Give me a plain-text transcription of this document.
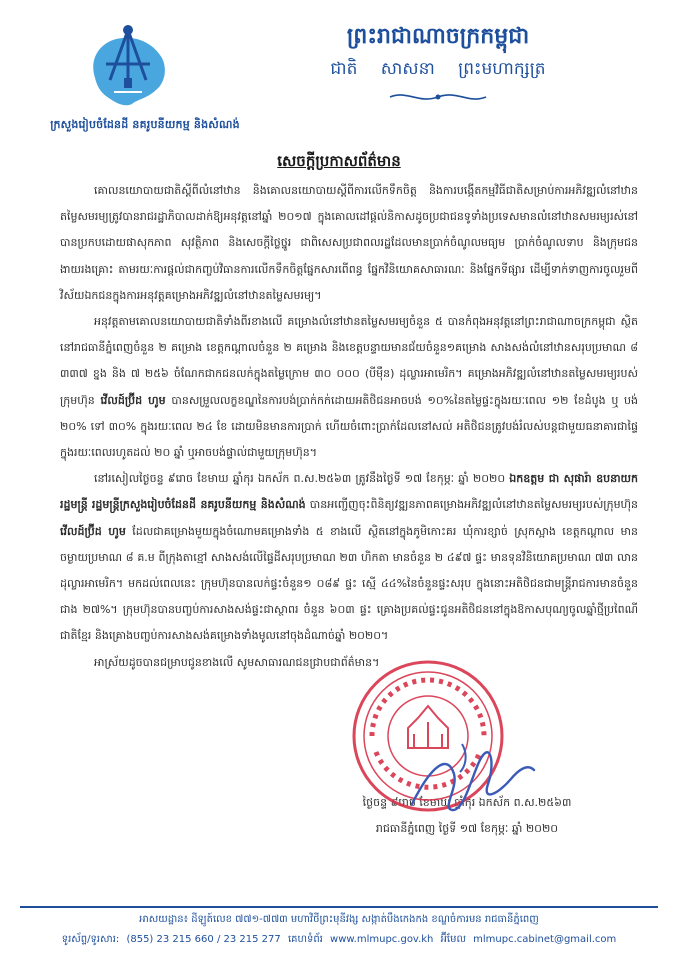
ក្រសួងរៀបចំដែនដី នគរូបនីយកម្ម និងសំណង់
ព្រះរាជាណាចក្រកម្ពុជា
ជាតិ សាសនា ព្រះមហាក្សត្រ
សេចក្តីប្រកាសព័ត៌មាន

គោលនយោបាយជាតិស្តីពីលំនៅឋាន និងគោលនយោបាយស្តីពីការលើកទឹកចិត្ត និងការបង្កើតកម្មវិធីជាតិសម្រាប់ការអភិវឌ្ឍលំនៅឋានតម្លៃសមរម្យត្រូវបានរាជរដ្ឋាភិបាលដាក់ឱ្យអនុវត្តនៅឆ្នាំ ២០១៧ ក្នុងគោលដៅផ្តល់និកាសដូចប្រជាជនទូទាំងប្រទេសមានលំនៅឋានសមរម្យរស់នៅបានប្រកបដោយផាសុកភាព សុវត្ថិភាព និងសេចក្តីថ្លៃថ្នូរ ជាពិសេសប្រជាពលរដ្ឋដែលមានប្រាក់ចំណូលមធ្យម ប្រាក់ចំណូលទាប និងក្រុមជនងាយរងគ្រោះ តាមរយៈការផ្តល់ជាកញ្ចប់វិធានការលើកទឹកចិត្តផ្នែកសារពើពន្ធ ផ្នែកវិនិយោគសាធារណៈ និងផ្នែកទីផ្សារ ដើម្បីទាក់ទាញការចូលរួមពីវិស័យឯកជនក្នុងការអនុវត្តគម្រោងអភិវឌ្ឍលំនៅឋានតម្លៃសមរម្យ។

អនុវត្តតាមគោលនយោបាយជាតិទាំងពីរខាងលើ គម្រោងលំនៅឋានតម្លៃសមរម្យចំនួន ៥ បានកំពុងអនុវត្តនៅព្រះរាជាណាចក្រកម្ពុជា ស្ថិតនៅរាជធានីភ្នំពេញចំនួន ២ គម្រោង ខេត្តកណ្តាលចំនួន ២ គម្រោង និងខេត្តបន្ទាយមានជ័យចំនួន១គម្រោង សាងសង់លំនៅឋានសរុបប្រមាណ ៨ ៣៣៧ ខ្នង និង ៧ ២៥៦ ចំណែកជាកជនលក់ក្នុងតម្លៃក្រោម ៣០ ០០០ (បីម៉ឺន) ដុល្លារអាមេរិក។ គម្រោងអភិវឌ្ឍលំនៅឋានតម្លៃសមរម្យរបស់ក្រុមហ៊ុន វើលដ៍ប្រ៊ីដ ហូម បានសម្រួលលក្ខខណ្ឌនៃការបង់ប្រាក់កក់ដោយអតិថិជនអាចបង់ ១០%នៃតម្លៃផ្ទះក្នុងរយៈពេល ១២ ខែដំបូង ឬ បង់ ២០% ទៅ ៣០% ក្នុងរយៈពេល ២៤ ខែ ដោយមិនមានការប្រាក់ ហើយចំពោះប្រាក់ដែលនៅសល់ អតិថិជនត្រូវបង់រំលស់បន្តជាមួយធនាគារជាផ្ទៃក្នុងរយៈពេលរហូតដល់ ២០ ឆ្នាំ ឬអាចបង់ផ្ទាល់ជាមួយក្រុមហ៊ុន។

នៅរសៀលថ្ងៃចន្ទ ៩រោច ខែមាឃ ឆ្នាំកុរ ឯកស័ក ព.ស.២៥៦៣ ត្រូវនឹងថ្ងៃទី ១៧ ខែកុម្ភៈ ឆ្នាំ ២០២០ ឯកឧត្តម ជា សុផារ៉ា ឧបនាយករដ្ឋមន្ត្រី រដ្ឋមន្ត្រីក្រសួងរៀបចំដែនដី នគរូបនីយកម្ម និងសំណង់ បានអញ្ជើញចុះពិនិត្យវឌ្ឍនភាពគម្រោងអភិវឌ្ឍលំនៅឋានតម្លៃសមរម្យរបស់ក្រុមហ៊ុន វើលដ៍ប្រ៊ីដ ហូម ដែលជាគម្រោងមួយក្នុងចំណោមគម្រោងទាំង ៥ ខាងលើ ស្ថិតនៅក្នុងភូមិកោះគរ ឃុំការខ្សាច់ ស្រុកស្អាង ខេត្តកណ្តាល មានចម្ងាយប្រមាណ ៨ គ.ម ពីក្រុងតាខ្មៅ សាងសង់លើផ្ទៃដីសរុបប្រមាណ ២៣ ហិកតា មានចំនួន ២ ៤៩៧ ផ្ទះ មានទុនវិនិយោគប្រមាណ ៧៣ លានដុល្លារអាមេរិក។ មកដល់ពេលនេះ ក្រុមហ៊ុនបានលក់ផ្ទះចំនួន១ ០៨៩ ផ្ទះ ស្មើ ៤៤%នៃចំនួនផ្ទះសរុប ក្នុងនោះអតិថិជនជាមន្ត្រីរាជការមានចំនួនជាង ២៧%។ ក្រុមហ៊ុនបានបញ្ចប់ការសាងសង់ផ្ទះជាស្ថាពរ ចំនួន ៦០៣ ផ្ទះ គ្រោងប្រគល់ផ្ទះជូនអតិថិជននៅក្នុងឱកាសបុណ្យចូលឆ្នាំថ្មីប្រពៃណីជាតិខ្មែរ និងគ្រោងបញ្ចប់ការសាងសង់គម្រោងទាំងមូលនៅចុងដំណាច់ឆ្នាំ ២០២០។

អាស្រ័យដូចបានជម្រាបជូនខាងលើ សូមសាធារណជនជ្រាបជាព័ត៌មាន។

ថ្ងៃចន្ទ ៩រោច ខែមាឃ ឆ្នាំកុរ ឯកស័ក ព.ស.២៥៦៣
រាជធានីភ្នំពេញ ថ្ងៃទី ១៧ ខែកុម្ភៈ ឆ្នាំ ២០២០
អាសយដ្ឋាន៖ ដីឡូត៍លេខ ៧៧១-៧៧៣ មហាវិថីព្រះមុនីវង្ស សង្កាត់បឹងកេងកង ខណ្ឌចំការមន រាជធានីភ្នំពេញ
ទូរស័ព្ទ/ទូរសារ: (855) 23 215 660 / 23 215 277 គេហទំព័រ www.mlmupc.gov.kh អ៊ីមែល mlmupc.cabinet@gmail.com
